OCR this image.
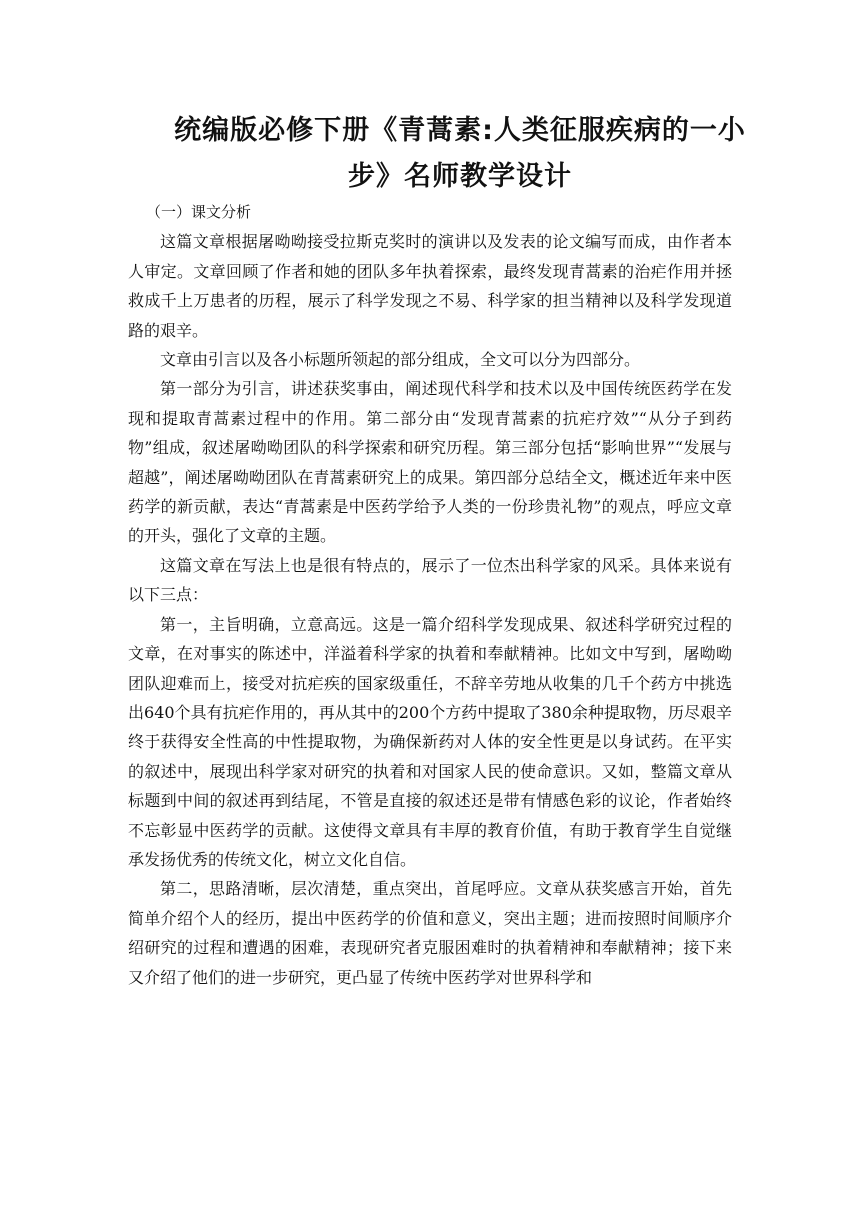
统编版必修下册《青蒿素:人类征服疾病的一小
步》名师教学设计

（一）课文分析

这篇文章根据屠呦呦接受拉斯克奖时的演讲以及发表的论文编写而成，由作者本人审定。文章回顾了作者和她的团队多年执着探索，最终发现青蒿素的治疟作用并拯救成千上万患者的历程，展示了科学发现之不易、科学家的担当精神以及科学发现道路的艰辛。

文章由引言以及各小标题所领起的部分组成，全文可以分为四部分。

第一部分为引言，讲述获奖事由，阐述现代科学和技术以及中国传统医药学在发现和提取青蒿素过程中的作用。第二部分由“发现青蒿素的抗疟疗效”“从分子到药物”组成，叙述屠呦呦团队的科学探索和研究历程。第三部分包括“影响世界”“发展与超越”，阐述屠呦呦团队在青蒿素研究上的成果。第四部分总结全文，概述近年来中医药学的新贡献，表达“青蒿素是中医药学给予人类的一份珍贵礼物”的观点，呼应文章的开头，强化了文章的主题。

这篇文章在写法上也是很有特点的，展示了一位杰出科学家的风采。具体来说有以下三点：

第一，主旨明确，立意高远。这是一篇介绍科学发现成果、叙述科学研究过程的文章，在对事实的陈述中，洋溢着科学家的执着和奉献精神。比如文中写到，屠呦呦团队迎难而上，接受对抗疟疾的国家级重任，不辞辛劳地从收集的几千个药方中挑选出640个具有抗疟作用的，再从其中的200个方药中提取了380余种提取物，历尽艰辛终于获得安全性高的中性提取物，为确保新药对人体的安全性更是以身试药。在平实的叙述中，展现出科学家对研究的执着和对国家人民的使命意识。又如，整篇文章从标题到中间的叙述再到结尾，不管是直接的叙述还是带有情感色彩的议论，作者始终不忘彰显中医药学的贡献。这使得文章具有丰厚的教育价值，有助于教育学生自觉继承发扬优秀的传统文化，树立文化自信。

第二，思路清晰，层次清楚，重点突出，首尾呼应。文章从获奖感言开始，首先简单介绍个人的经历，提出中医药学的价值和意义，突出主题；进而按照时间顺序介绍研究的过程和遭遇的困难，表现研究者克服困难时的执着精神和奉献精神；接下来又介绍了他们的进一步研究，更凸显了传统中医药学对世界科学和
